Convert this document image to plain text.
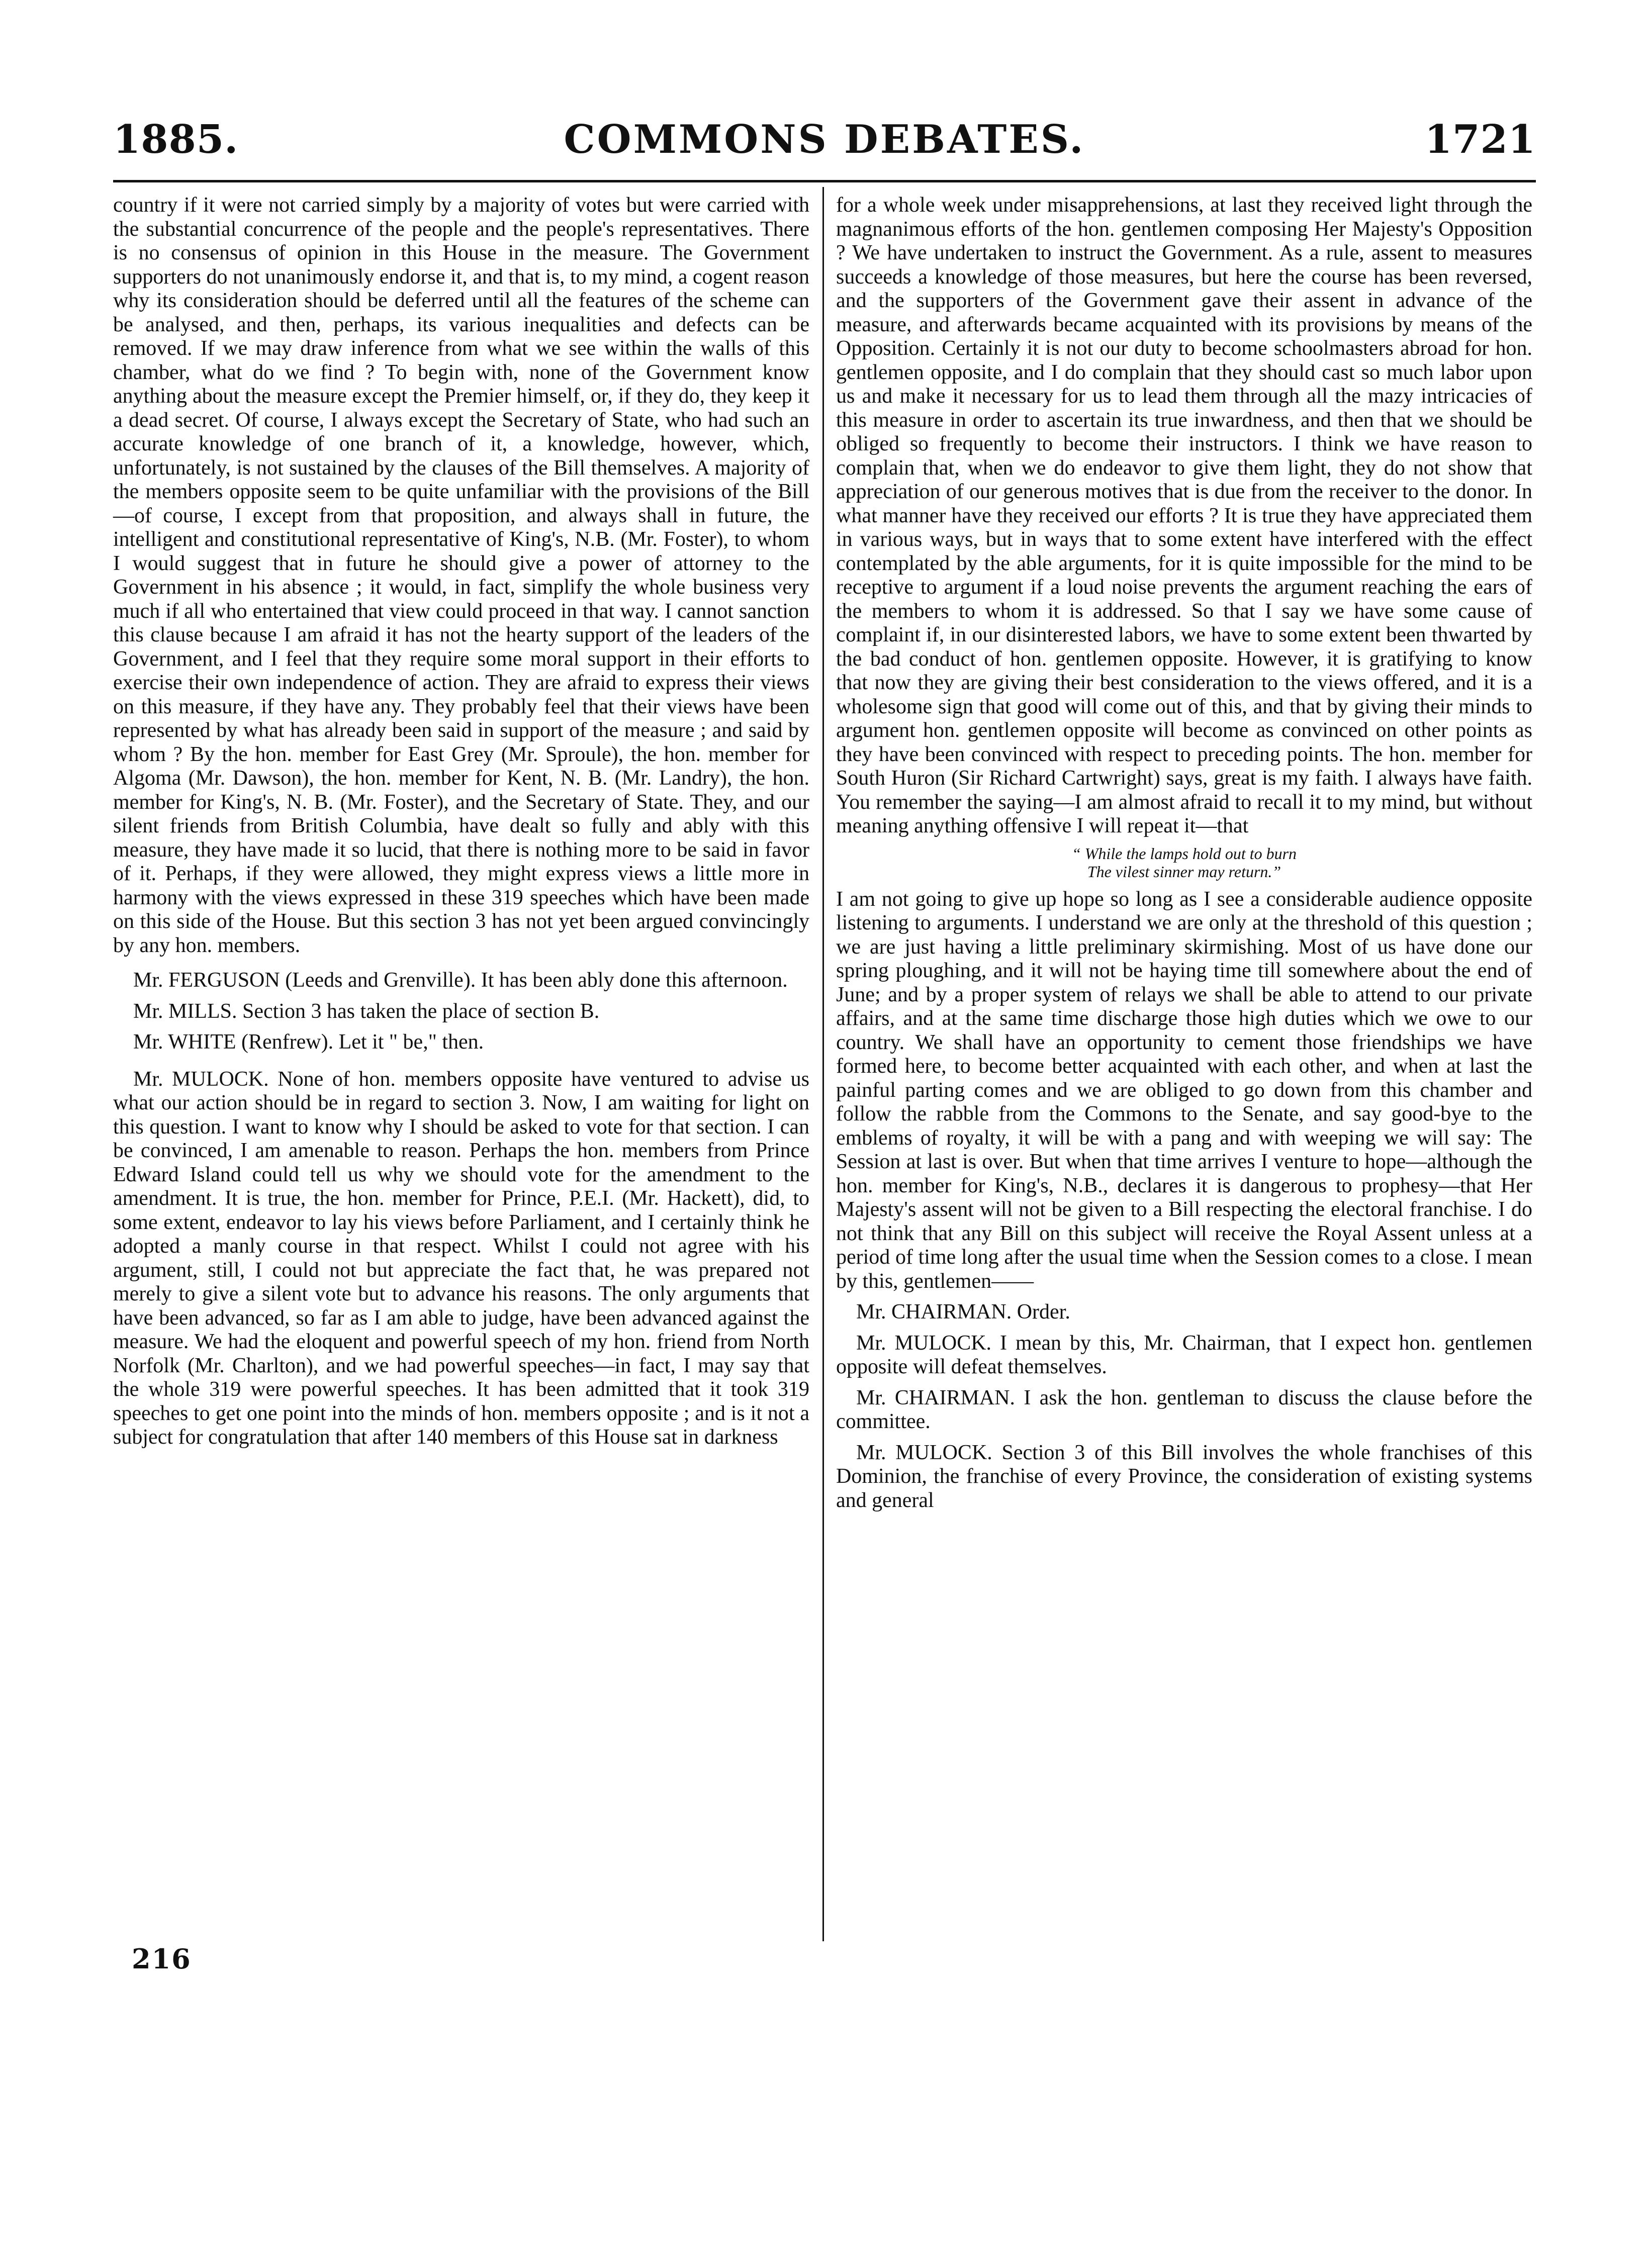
1885.	COMMONS DEBATES.	1721

country if it were not carried simply by a majority of votes but were carried with the substantial concurrence of the people and the people's representatives. There is no consensus of opinion in this House in the measure. The Government supporters do not unanimously endorse it, and that is, to my mind, a cogent reason why its consideration should be deferred until all the features of the scheme can be analysed, and then, perhaps, its various inequalities and defects can be removed. If we may draw inference from what we see within the walls of this chamber, what do we find ? To begin with, none of the Government know anything about the measure except the Premier himself, or, if they do, they keep it a dead secret. Of course, I always except the Secretary of State, who had such an accurate knowledge of one branch of it, a knowledge, however, which, unfortunately, is not sustained by the clauses of the Bill themselves. A majority of the members opposite seem to be quite unfamiliar with the provisions of the Bill —of course, I except from that proposition, and always shall in future, the intelligent and constitutional representative of King's, N.B. (Mr. Foster), to whom I would suggest that in future he should give a power of attorney to the Government in his absence ; it would, in fact, simplify the whole business very much if all who entertained that view could proceed in that way. I cannot sanction this clause because I am afraid it has not the hearty support of the leaders of the Government, and I feel that they require some moral support in their efforts to exercise their own independence of action. They are afraid to express their views on this measure, if they have any. They probably feel that their views have been represented by what has already been said in support of the measure ; and said by whom ? By the hon. member for East Grey (Mr. Sproule), the hon. member for Algoma (Mr. Dawson), the hon. member for Kent, N. B. (Mr. Landry), the hon. member for King's, N. B. (Mr. Foster), and the Secretary of State. They, and our silent friends from British Columbia, have dealt so fully and ably with this measure, they have made it so lucid, that there is nothing more to be said in favor of it. Perhaps, if they were allowed, they might express views a little more in harmony with the views expressed in these 319 speeches which have been made on this side of the House. But this section 3 has not yet been argued convincingly by any hon. members.

Mr. FERGUSON (Leeds and Grenville). It has been ably done this afternoon.

Mr. MILLS. Section 3 has taken the place of section B.

Mr. WHITE (Renfrew). Let it " be," then.

Mr. MULOCK. None of hon. members opposite have ventured to advise us what our action should be in regard to section 3. Now, I am waiting for light on this question. I want to know why I should be asked to vote for that section. I can be convinced, I am amenable to reason. Perhaps the hon. members from Prince Edward Island could tell us why we should vote for the amendment to the amendment. It is true, the hon. member for Prince, P.E.I. (Mr. Hackett), did, to some extent, endeavor to lay his views before Parliament, and I certainly think he adopted a manly course in that respect. Whilst I could not agree with his argument, still, I could not but appreciate the fact that, he was prepared not merely to give a silent vote but to advance his reasons. The only arguments that have been advanced, so far as I am able to judge, have been advanced against the measure. We had the eloquent and powerful speech of my hon. friend from North Norfolk (Mr. Charlton), and we had powerful speeches—in fact, I may say that the whole 319 were powerful speeches. It has been admitted that it took 319 speeches to get one point into the minds of hon. members opposite ; and is it not a subject for congratulation that after 140 members of this House sat in darkness

for a whole week under misapprehensions, at last they received light through the magnanimous efforts of the hon. gentlemen composing Her Majesty's Opposition ? We have undertaken to instruct the Government. As a rule, assent to measures succeeds a knowledge of those measures, but here the course has been reversed, and the supporters of the Government gave their assent in advance of the measure, and afterwards became acquainted with its provisions by means of the Opposition. Certainly it is not our duty to become schoolmasters abroad for hon. gentlemen opposite, and I do complain that they should cast so much labor upon us and make it necessary for us to lead them through all the mazy intricacies of this measure in order to ascertain its true inwardness, and then that we should be obliged so frequently to become their instructors. I think we have reason to complain that, when we do endeavor to give them light, they do not show that appreciation of our generous motives that is due from the receiver to the donor. In what manner have they received our efforts ? It is true they have appreciated them in various ways, but in ways that to some extent have interfered with the effect contemplated by the able arguments, for it is quite impossible for the mind to be receptive to argument if a loud noise prevents the argument reaching the ears of the members to whom it is addressed. So that I say we have some cause of complaint if, in our disinterested labors, we have to some extent been thwarted by the bad conduct of hon. gentlemen opposite. However, it is gratifying to know that now they are giving their best consideration to the views offered, and it is a wholesome sign that good will come out of this, and that by giving their minds to argument hon. gentlemen opposite will become as convinced on other points as they have been convinced with respect to preceding points. The hon. member for South Huron (Sir Richard Cartwright) says, great is my faith. I always have faith. You remember the saying—I am almost afraid to recall it to my mind, but without meaning anything offensive I will repeat it—that

“ While the lamps hold out to burn
The vilest sinner may return.”

I am not going to give up hope so long as I see a considerable audience opposite listening to arguments. I understand we are only at the threshold of this question ; we are just having a little preliminary skirmishing. Most of us have done our spring ploughing, and it will not be haying time till somewhere about the end of June; and by a proper system of relays we shall be able to attend to our private affairs, and at the same time discharge those high duties which we owe to our country. We shall have an opportunity to cement those friendships we have formed here, to become better acquainted with each other, and when at last the painful parting comes and we are obliged to go down from this chamber and follow the rabble from the Commons to the Senate, and say good-bye to the emblems of royalty, it will be with a pang and with weeping we will say: The Session at last is over. But when that time arrives I venture to hope—although the hon. member for King's, N.B., declares it is dangerous to prophesy—that Her Majesty's assent will not be given to a Bill respecting the electoral franchise. I do not think that any Bill on this subject will receive the Royal Assent unless at a period of time long after the usual time when the Session comes to a close. I mean by this, gentlemen——

Mr. CHAIRMAN. Order.

Mr. MULOCK. I mean by this, Mr. Chairman, that I expect hon. gentlemen opposite will defeat themselves.

Mr. CHAIRMAN. I ask the hon. gentleman to discuss the clause before the committee.

Mr. MULOCK. Section 3 of this Bill involves the whole franchises of this Dominion, the franchise of every Province, the consideration of existing systems and general

216
